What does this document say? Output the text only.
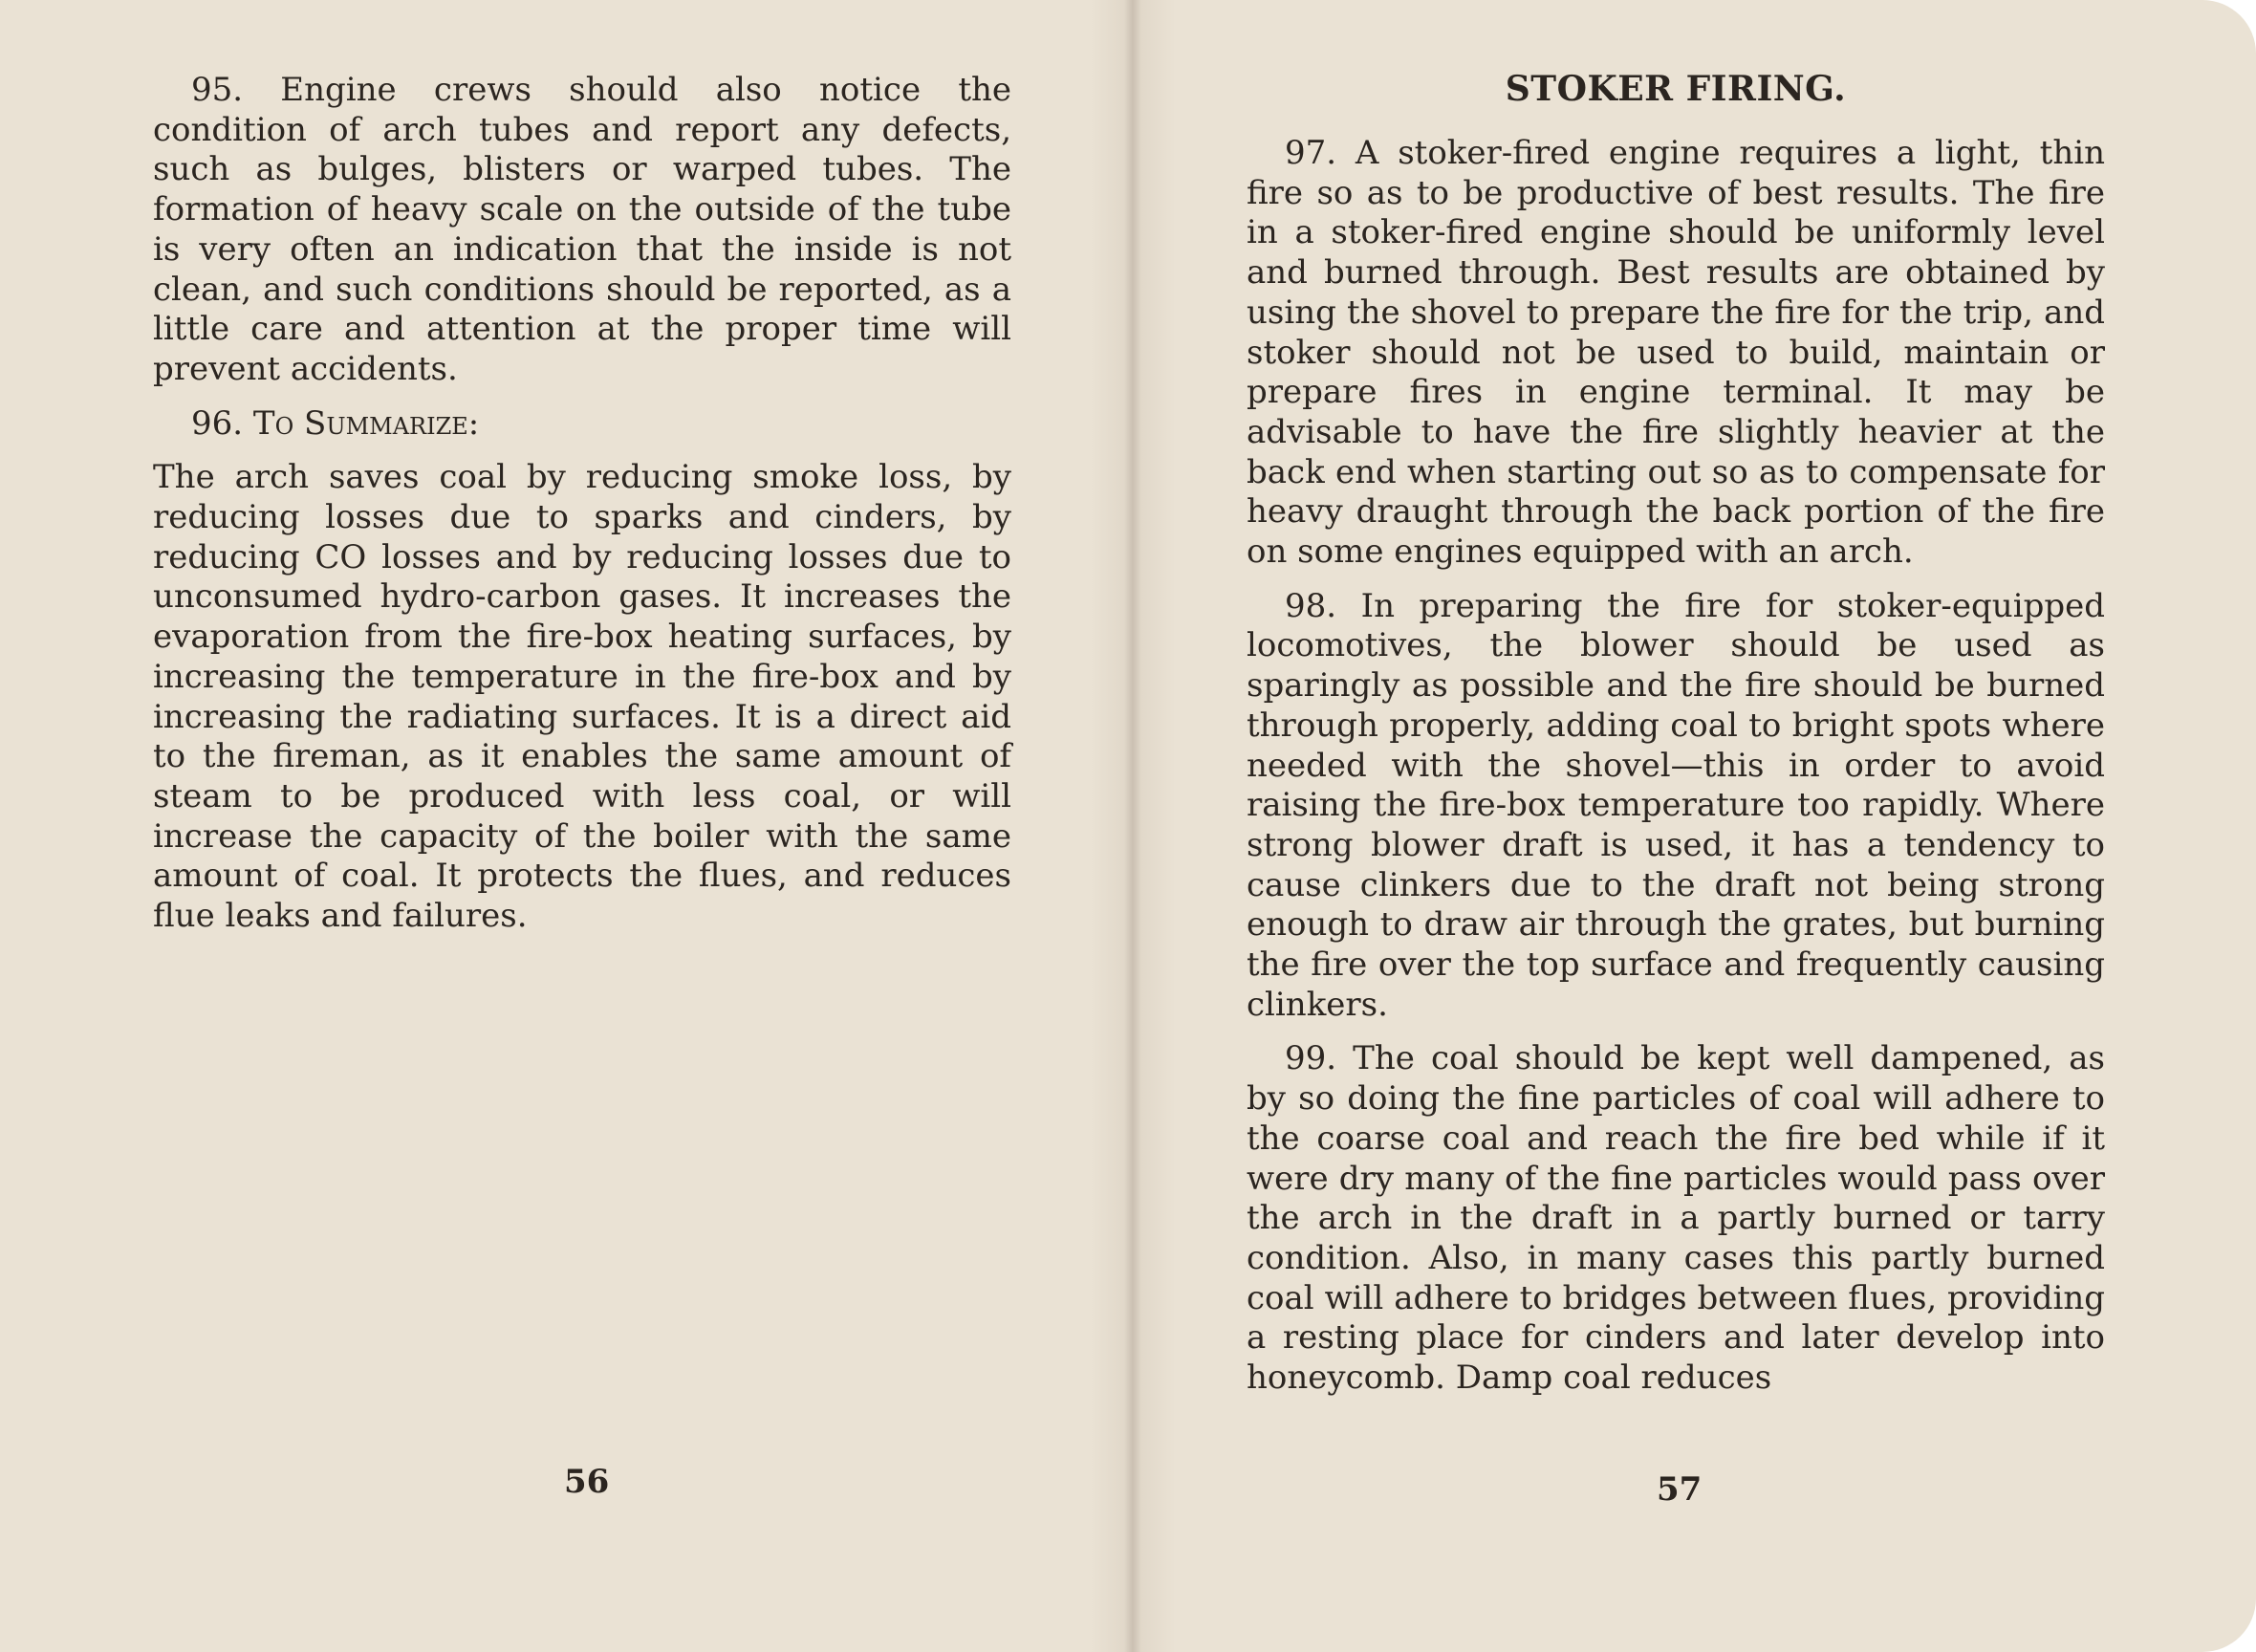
95. Engine crews should also notice the condition of arch tubes and report any defects, such as bulges, blisters or warped tubes. The formation of heavy scale on the outside of the tube is very often an indication that the inside is not clean, and such conditions should be reported, as a little care and attention at the proper time will prevent accidents.

96. To Summarize:

The arch saves coal by reducing smoke loss, by reducing losses due to sparks and cinders, by reducing CO losses and by reducing losses due to unconsumed hydro-carbon gases. It increases the evaporation from the fire-box heating surfaces, by increasing the temperature in the fire-box and by increasing the radiating surfaces. It is a direct aid to the fireman, as it enables the same amount of steam to be produced with less coal, or will increase the capacity of the boiler with the same amount of coal. It protects the flues, and reduces flue leaks and failures.

56
STOKER FIRING.

97. A stoker-fired engine requires a light, thin fire so as to be productive of best results. The fire in a stoker-fired engine should be uniformly level and burned through. Best results are obtained by using the shovel to prepare the fire for the trip, and stoker should not be used to build, maintain or prepare fires in engine terminal. It may be advisable to have the fire slightly heavier at the back end when starting out so as to compensate for heavy draught through the back portion of the fire on some engines equipped with an arch.

98. In preparing the fire for stoker-equipped locomotives, the blower should be used as sparingly as possible and the fire should be burned through properly, adding coal to bright spots where needed with the shovel—this in order to avoid raising the fire-box temperature too rapidly. Where strong blower draft is used, it has a tendency to cause clinkers due to the draft not being strong enough to draw air through the grates, but burning the fire over the top surface and frequently causing clinkers.

99. The coal should be kept well dampened, as by so doing the fine particles of coal will adhere to the coarse coal and reach the fire bed while if it were dry many of the fine particles would pass over the arch in the draft in a partly burned or tarry condition. Also, in many cases this partly burned coal will adhere to bridges between flues, providing a resting place for cinders and later develop into honeycomb. Damp coal reduces

57
